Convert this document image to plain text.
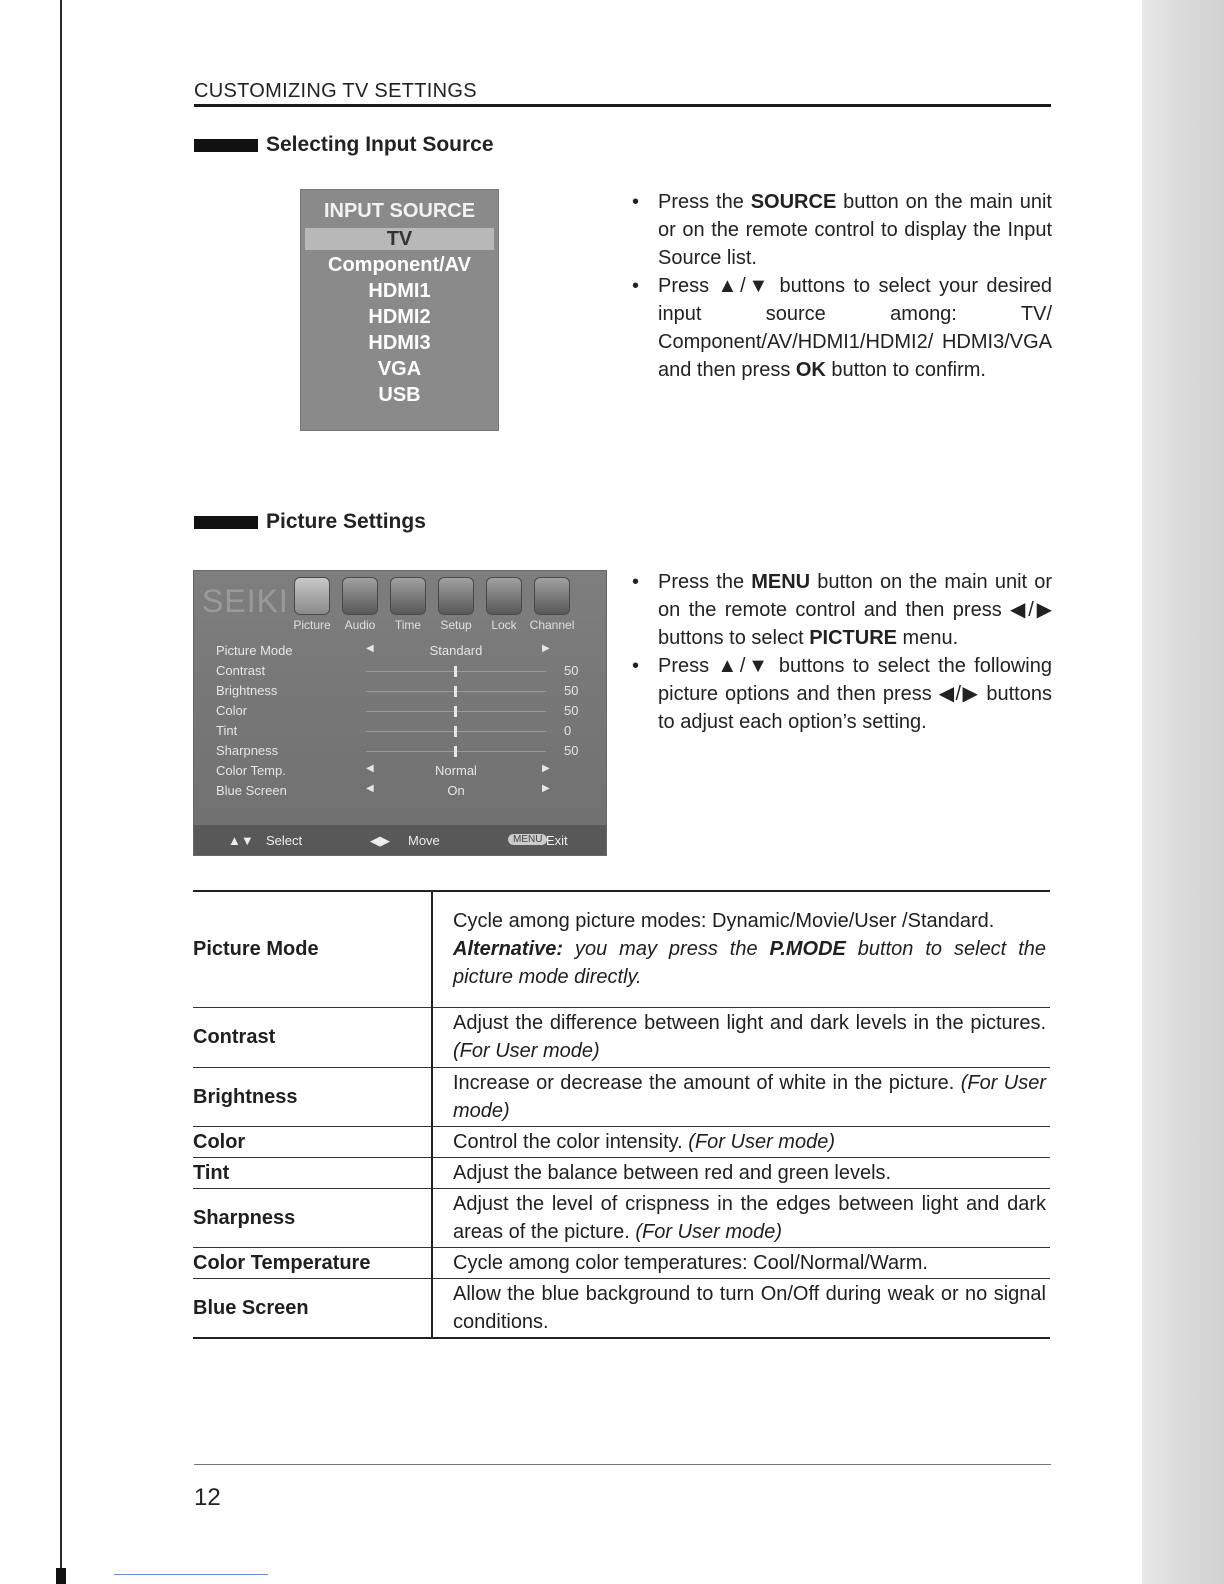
CUSTOMIZING TV SETTINGS
Selecting Input Source
INPUT SOURCE
TV
Component/AV
HDMI1
HDMI2
HDMI3
VGA
USB
• Press the SOURCE button on the main unit or on the remote control to display the Input Source list.
• Press ▲/▼ buttons to select your desired input source among: TV/ Component/AV/HDMI1/HDMI2/ HDMI3/VGA and then press OK button to confirm.
Picture Settings
SEIKI
Picture Audio Time Setup Lock Channel
Picture Mode	◀	Standard	▶
Contrast	50
Brightness	50
Color	50
Tint	0
Sharpness	50
Color Temp.	◀	Normal	▶
Blue Screen	◀	On	▶
▲▼ Select	◀▶ Move	MENU Exit
• Press the MENU button on the main unit or on the remote control and then press ◀/▶ buttons to select PICTURE menu.
• Press ▲/▼ buttons to select the following picture options and then press ◀/▶ buttons to adjust each option’s setting.
Picture Mode	Cycle among picture modes: Dynamic/Movie/User /Standard.
Alternative: you may press the P.MODE button to select the picture mode directly.
Contrast	Adjust the difference between light and dark levels in the pictures. (For User mode)
Brightness	Increase or decrease the amount of white in the picture. (For User mode)
Color	Control the color intensity. (For User mode)
Tint	Adjust the balance between red and green levels.
Sharpness	Adjust the level of crispness in the edges between light and dark areas of the picture. (For User mode)
Color Temperature	Cycle among color temperatures: Cool/Normal/Warm.
Blue Screen	Allow the blue background to turn On/Off during weak or no signal conditions.
12
